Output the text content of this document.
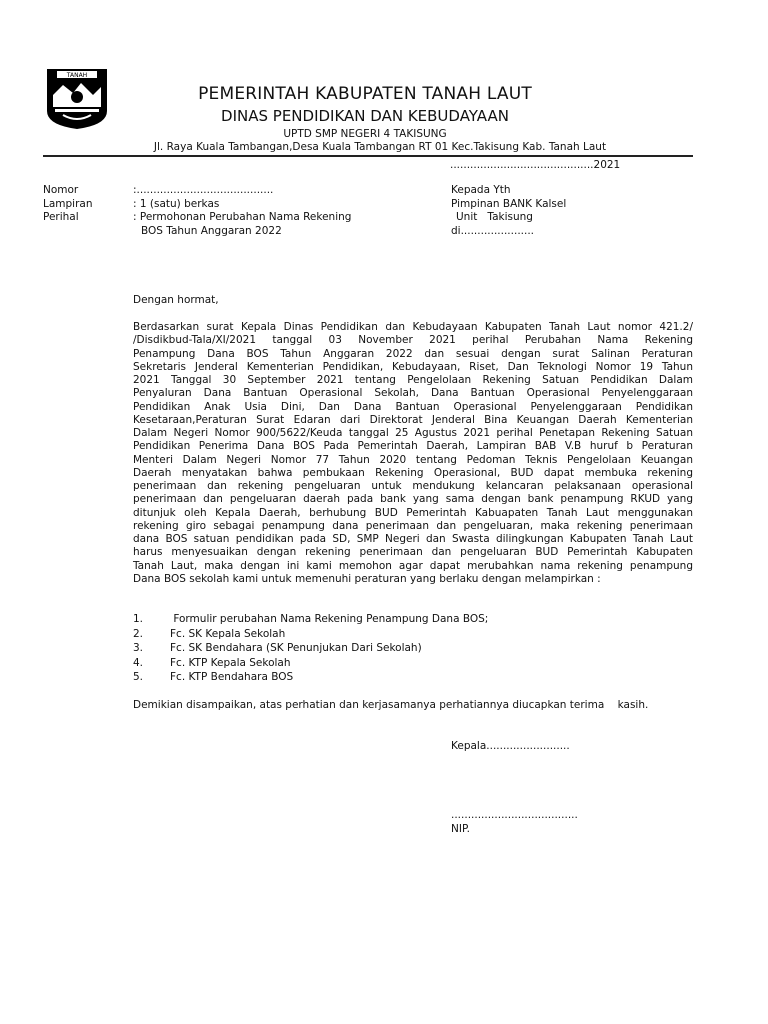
TANAH
PEMERINTAH KABUPATEN TANAH LAUT
DINAS PENDIDIKAN DAN KEBUDAYAAN
UPTD SMP NEGERI 4 TAKISUNG
Jl. Raya Kuala Tambangan,Desa Kuala Tambangan RT 01 Kec.Takisung Kab. Tanah Laut
...........................................2021
Nomor	:.........................................
Lampiran	: 1 (satu) berkas
Perihal	: Permohonan Perubahan Nama Rekening
BOS Tahun Anggaran 2022
Kepada Yth
Pimpinan BANK Kalsel
Unit   Takisung
di......................
Dengan hormat,
Berdasarkan surat Kepala Dinas Pendidikan dan Kebudayaan Kabupaten Tanah Laut nomor 421.2/
/Disdikbud-Tala/XI/2021 tanggal 03 November 2021 perihal Perubahan Nama Rekening
Penampung Dana BOS Tahun Anggaran 2022 dan sesuai dengan surat Salinan Peraturan
Sekretaris Jenderal Kementerian Pendidikan, Kebudayaan, Riset, Dan Teknologi Nomor 19 Tahun
2021 Tanggal 30 September 2021 tentang Pengelolaan Rekening Satuan Pendidikan Dalam
Penyaluran Dana Bantuan Operasional Sekolah, Dana Bantuan Operasional Penyelenggaraan
Pendidikan Anak Usia Dini, Dan Dana Bantuan Operasional Penyelenggaraan Pendidikan
Kesetaraan,Peraturan Surat Edaran dari Direktorat Jenderal Bina Keuangan Daerah Kementerian
Dalam Negeri Nomor 900/5622/Keuda tanggal 25 Agustus 2021 perihal Penetapan Rekening Satuan
Pendidikan Penerima Dana BOS Pada Pemerintah Daerah, Lampiran BAB V.B huruf b Peraturan
Menteri Dalam Negeri Nomor 77 Tahun 2020 tentang Pedoman Teknis Pengelolaan Keuangan
Daerah menyatakan bahwa pembukaan Rekening Operasional, BUD dapat membuka rekening
penerimaan dan rekening pengeluaran untuk mendukung kelancaran pelaksanaan operasional
penerimaan dan pengeluaran daerah pada bank yang sama dengan bank penampung RKUD yang
ditunjuk oleh Kepala Daerah, berhubung BUD Pemerintah Kabuapaten Tanah Laut menggunakan
rekening giro sebagai penampung dana penerimaan dan pengeluaran, maka rekening penerimaan
dana BOS satuan pendidikan pada SD, SMP Negeri dan Swasta dilingkungan Kabupaten Tanah Laut
harus menyesuaikan dengan rekening penerimaan dan pengeluaran BUD Pemerintah Kabupaten
Tanah Laut, maka dengan ini kami memohon agar dapat merubahkan nama rekening penampung
Dana BOS sekolah kami untuk memenuhi peraturan yang berlaku dengan melampirkan :
1.	Formulir perubahan Nama Rekening Penampung Dana BOS;
2.	Fc. SK Kepala Sekolah
3.	Fc. SK Bendahara (SK Penunjukan Dari Sekolah)
4.	Fc. KTP Kepala Sekolah
5.	Fc. KTP Bendahara BOS
Demikian disampaikan, atas perhatian dan kerjasamanya perhatiannya diucapkan terima    kasih.
Kepala.........................
......................................
NIP.
